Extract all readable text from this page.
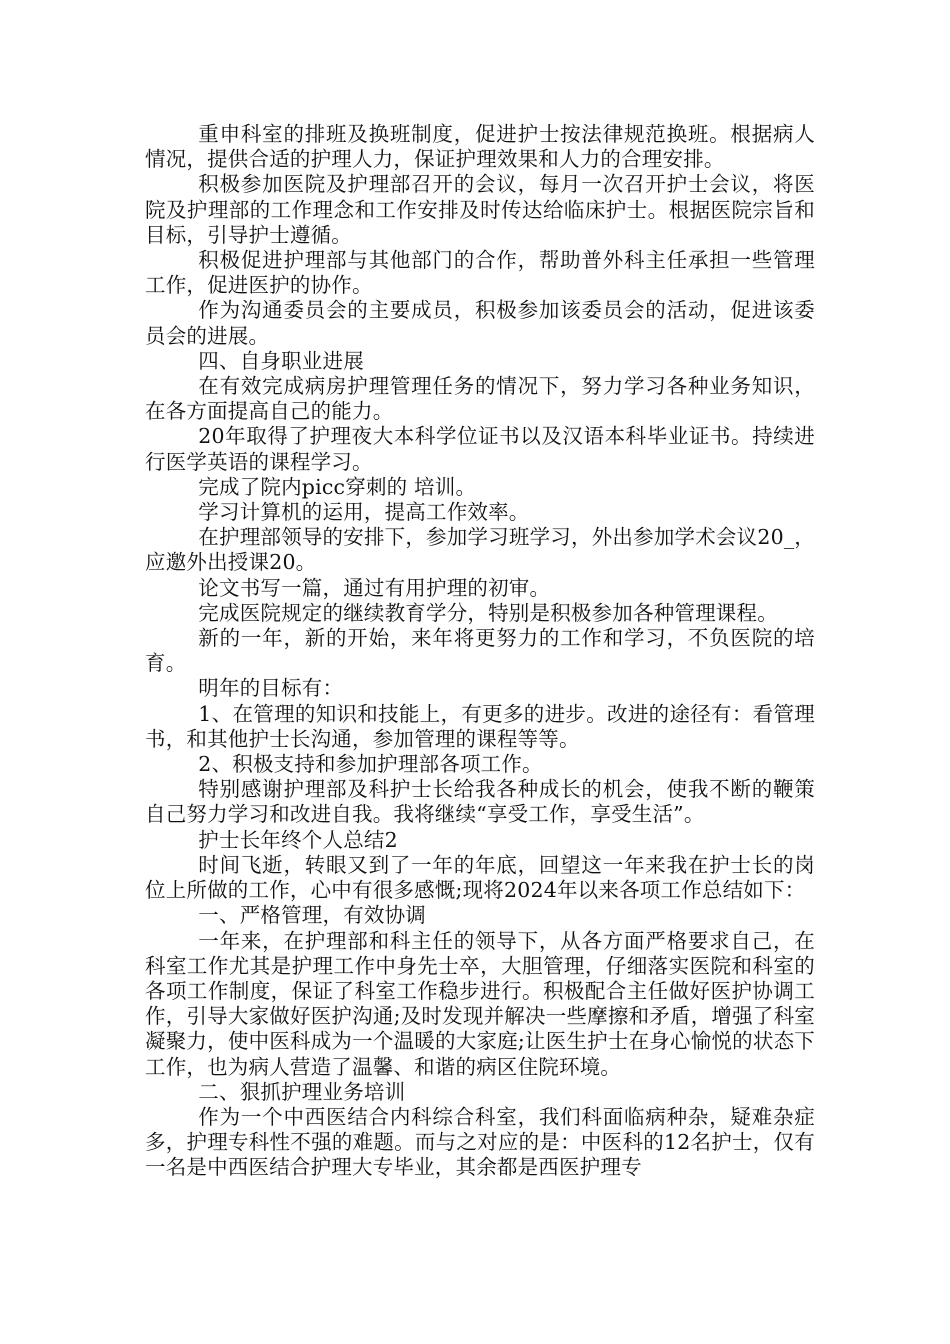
重申科室的排班及换班制度，促进护士按法律规范换班。根据病人情况，提供合适的护理人力，保证护理效果和人力的合理安排。

积极参加医院及护理部召开的会议，每月一次召开护士会议，将医院及护理部的工作理念和工作安排及时传达给临床护士。根据医院宗旨和目标，引导护士遵循。

积极促进护理部与其他部门的合作，帮助普外科主任承担一些管理工作，促进医护的协作。

作为沟通委员会的主要成员，积极参加该委员会的活动，促进该委员会的进展。

四、自身职业进展

在有效完成病房护理管理任务的情况下，努力学习各种业务知识，在各方面提高自己的能力。

20年取得了护理夜大本科学位证书以及汉语本科毕业证书。持续进行医学英语的课程学习。

完成了院内picc穿刺的 培训。

学习计算机的运用，提高工作效率。

在护理部领导的安排下，参加学习班学习，外出参加学术会议20_，应邀外出授课20。

论文书写一篇，通过有用护理的初审。

完成医院规定的继续教育学分，特别是积极参加各种管理课程。

新的一年，新的开始，来年将更努力的工作和学习，不负医院的培育。

明年的目标有：

1、在管理的知识和技能上，有更多的进步。改进的途径有：看管理书，和其他护士长沟通，参加管理的课程等等。

2、积极支持和参加护理部各项工作。

特别感谢护理部及科护士长给我各种成长的机会，使我不断的鞭策自己努力学习和改进自我。我将继续“享受工作，享受生活”。

护士长年终个人总结2

时间飞逝，转眼又到了一年的年底，回望这一年来我在护士长的岗位上所做的工作，心中有很多感慨;现将2024年以来各项工作总结如下：

一、严格管理，有效协调

一年来，在护理部和科主任的领导下，从各方面严格要求自己，在科室工作尤其是护理工作中身先士卒，大胆管理，仔细落实医院和科室的各项工作制度，保证了科室工作稳步进行。积极配合主任做好医护协调工作，引导大家做好医护沟通;及时发现并解决一些摩擦和矛盾，增强了科室凝聚力，使中医科成为一个温暖的大家庭;让医生护士在身心愉悦的状态下工作，也为病人营造了温馨、和谐的病区住院环境。

二、狠抓护理业务培训

作为一个中西医结合内科综合科室，我们科面临病种杂，疑难杂症多，护理专科性不强的难题。而与之对应的是：中医科的12名护士，仅有一名是中西医结合护理大专毕业，其余都是西医护理专
